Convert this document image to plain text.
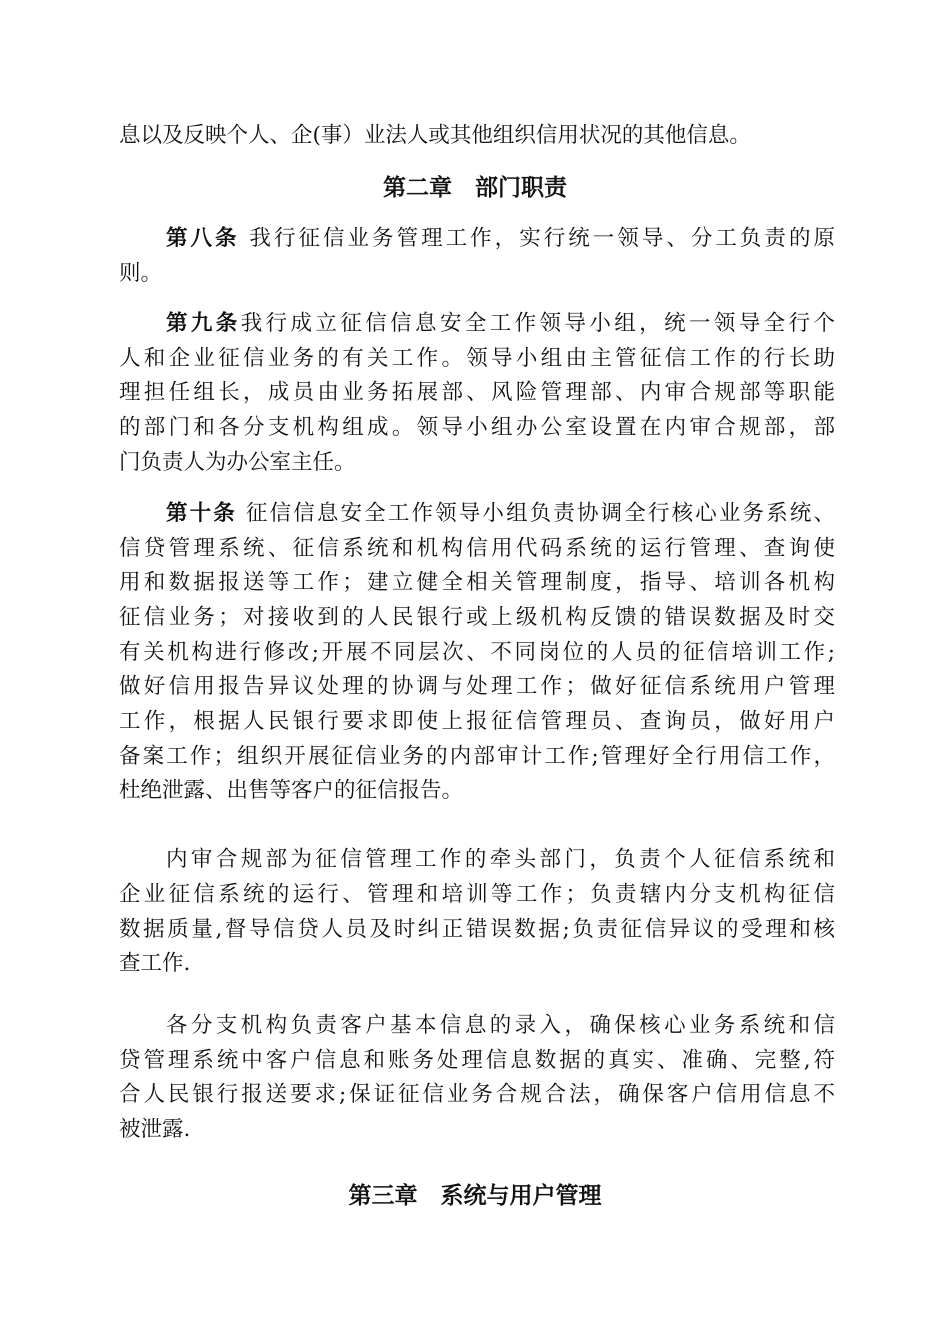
息以及反映个人、企(事）业法人或其他组织信用状况的其他信息。
第八条 我行征信业务管理工作，实行统一领导、分工负责的原
则。
第九条我行成立征信信息安全工作领导小组，统一领导全行个
人和企业征信业务的有关工作。领导小组由主管征信工作的行长助
理担任组长，成员由业务拓展部、风险管理部、内审合规部等职能
的部门和各分支机构组成。领导小组办公室设置在内审合规部，部
门负责人为办公室主任。
第十条 征信信息安全工作领导小组负责协调全行核心业务系统、
信贷管理系统、征信系统和机构信用代码系统的运行管理、查询使
用和数据报送等工作；建立健全相关管理制度，指导、培训各机构
征信业务；对接收到的人民银行或上级机构反馈的错误数据及时交
有关机构进行修改;开展不同层次、不同岗位的人员的征信培训工作;
做好信用报告异议处理的协调与处理工作；做好征信系统用户管理
工作，根据人民银行要求即使上报征信管理员、查询员，做好用户
备案工作；组织开展征信业务的内部审计工作;管理好全行用信工作，
杜绝泄露、出售等客户的征信报告。
内审合规部为征信管理工作的牵头部门，负责个人征信系统和
企业征信系统的运行、管理和培训等工作；负责辖内分支机构征信
数据质量,督导信贷人员及时纠正错误数据;负责征信异议的受理和核
查工作.
各分支机构负责客户基本信息的录入，确保核心业务系统和信
贷管理系统中客户信息和账务处理信息数据的真实、准确、完整,符
合人民银行报送要求;保证征信业务合规合法，确保客户信用信息不
被泄露.
第二章　部门职责
第三章　系统与用户管理
